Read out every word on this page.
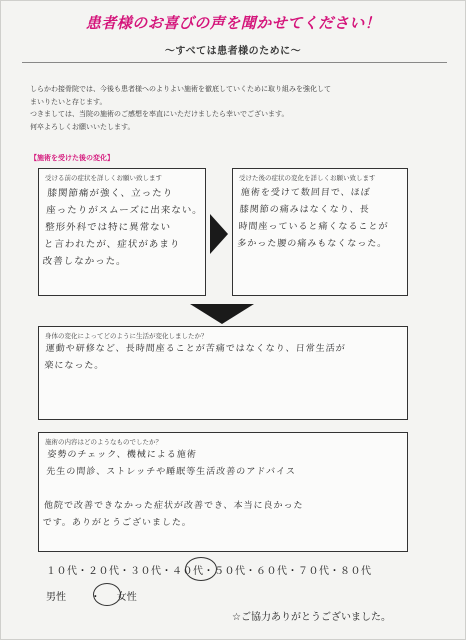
患者様のお喜びの声を聞かせてください！
～すべては患者様のために～
しらかわ接骨院では、今後も患者様へのよりよい施術を徹底していくために取り組みを強化して
まいりたいと存じます。
つきましては、当院の施術のご感想を率直にいただけましたら幸いでございます。
何卒よろしくお願いいたします。
【施術を受けた後の変化】
受ける前の症状を詳しくお願い致します
膝関節痛が強く、立ったり
座ったりがスムーズに出来ない。
整形外科では特に異常ない
と言われたが、症状があまり
改善しなかった。
受けた後の症状の変化を詳しくお願い致します
施術を受けて数回目で、ほぼ
膝関節の痛みはなくなり、長
時間座っていると痛くなることが
多かった腰の痛みもなくなった。
身体の変化によってどのように生活が変化しましたか？
運動や研修など、長時間座ることが苦痛ではなくなり、日常生活が
楽になった。
施術の内容はどのようなものでしたか？
姿勢のチェック、機械による施術
先生の問診、ストレッチや睡眠等生活改善のアドバイス
他院で改善できなかった症状が改善でき、本当に良かった
です。ありがとうございました。
１０代・２０代・３０代・４０代・５０代・６０代・７０代・８０代
男性 ・ 女性
☆ご協力ありがとうございました。
